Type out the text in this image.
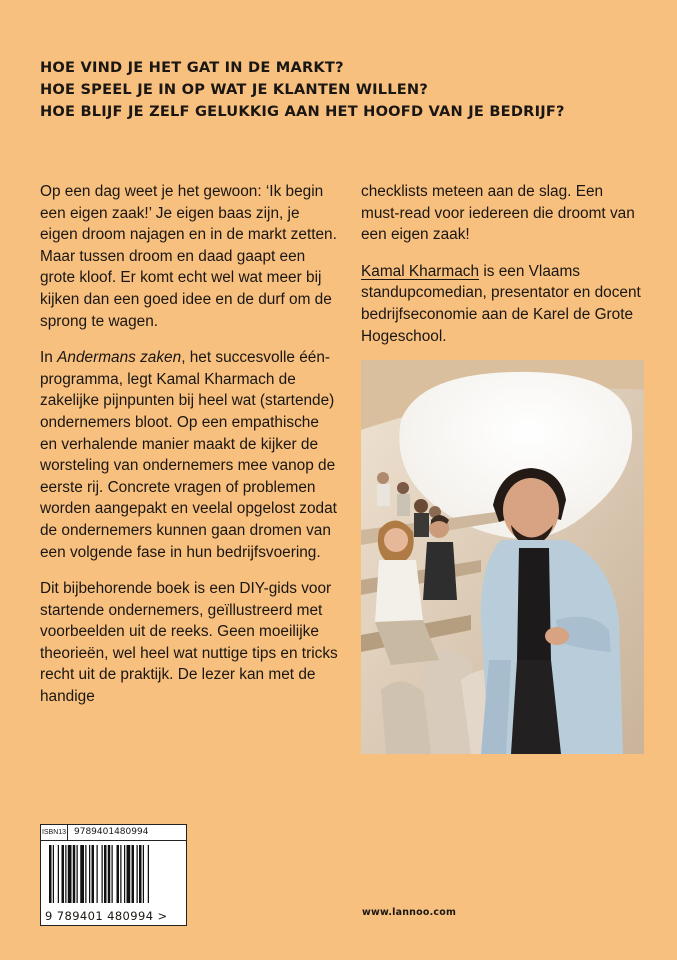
HOE VIND JE HET GAT IN DE MARKT?
HOE SPEEL JE IN OP WAT JE KLANTEN WILLEN?
HOE BLIJF JE ZELF GELUKKIG AAN HET HOOFD VAN JE BEDRIJF?

Op een dag weet je het gewoon: ‘Ik begin een eigen zaak!’ Je eigen baas zijn, je eigen droom najagen en in de markt zetten. Maar tussen droom en daad gaapt een grote kloof. Er komt echt wel wat meer bij kijken dan een goed idee en de durf om de sprong te wagen.

In Andermans zaken, het succesvolle één-programma, legt Kamal Kharmach de zakelijke pijnpunten bij heel wat (startende) ondernemers bloot. Op een empathische en verhalende manier maakt de kijker de worsteling van ondernemers mee vanop de eerste rij. Concrete vragen of problemen worden aangepakt en veelal opgelost zodat de ondernemers kunnen gaan dromen van een volgende fase in hun bedrijfsvoering.

Dit bijbehorende boek is een DIY-gids voor startende ondernemers, geïllustreerd met voorbeelden uit de reeks. Geen moeilijke theorieën, wel heel wat nuttige tips en tricks recht uit de praktijk. De lezer kan met de handige

checklists meteen aan de slag. Een must-read voor iedereen die droomt van een eigen zaak!

Kamal Kharmach is een Vlaams standupcomedian, presentator en docent bedrijfseconomie aan de Karel de Grote Hogeschool.

ISBN13 9789401480994
9 789401 480994 >	www.lannoo.com
